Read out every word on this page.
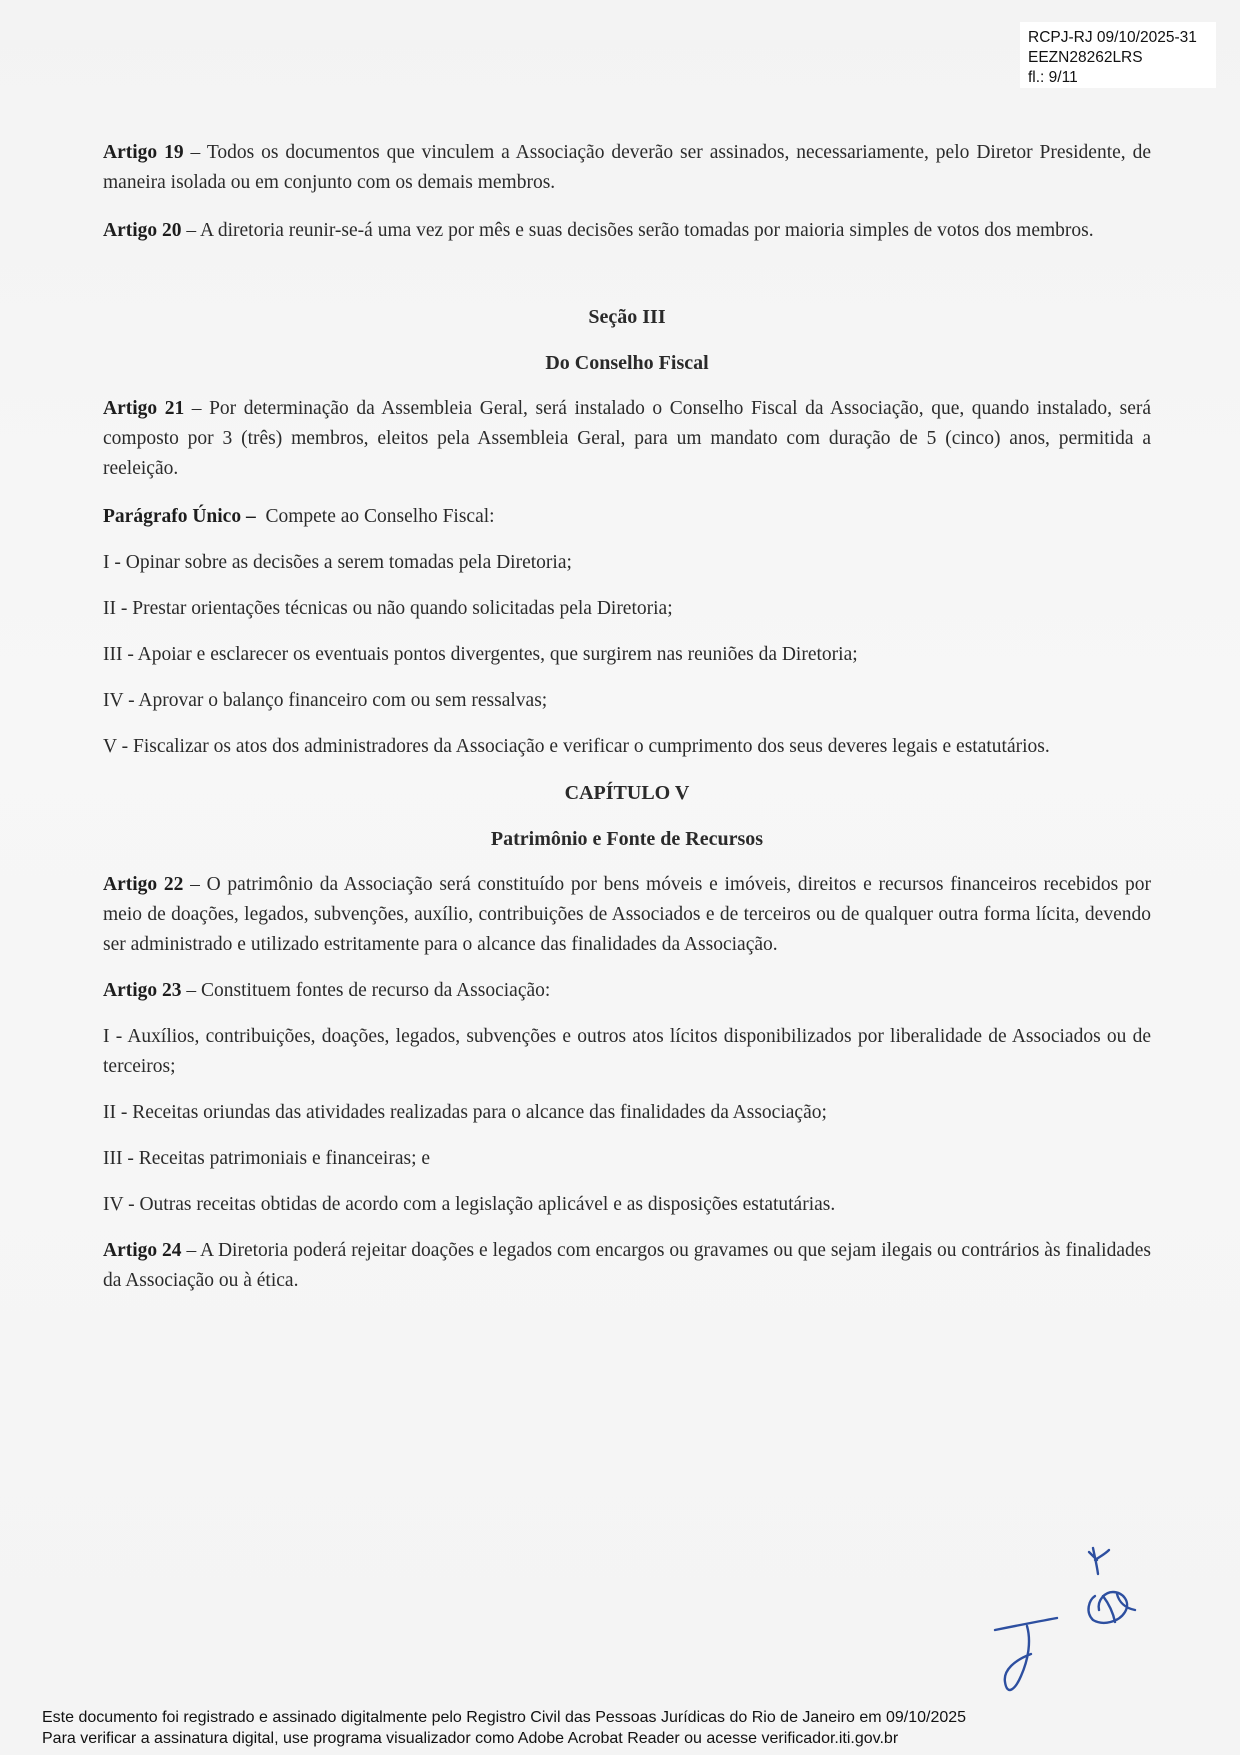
RCPJ-RJ 09/10/2025-31
EEZN28262LRS
fl.: 9/11

Artigo 19 – Todos os documentos que vinculem a Associação deverão ser assinados, necessariamente, pelo Diretor Presidente, de maneira isolada ou em conjunto com os demais membros.

Artigo 20 – A diretoria reunir-se-á uma vez por mês e suas decisões serão tomadas por maioria simples de votos dos membros.

Seção III
Do Conselho Fiscal

Artigo 21 – Por determinação da Assembleia Geral, será instalado o Conselho Fiscal da Associação, que, quando instalado, será composto por 3 (três) membros, eleitos pela Assembleia Geral, para um mandato com duração de 5 (cinco) anos, permitida a reeleição.

Parágrafo Único –  Compete ao Conselho Fiscal:

I - Opinar sobre as decisões a serem tomadas pela Diretoria;

II - Prestar orientações técnicas ou não quando solicitadas pela Diretoria;

III - Apoiar e esclarecer os eventuais pontos divergentes, que surgirem nas reuniões da Diretoria;

IV - Aprovar o balanço financeiro com ou sem ressalvas;

V - Fiscalizar os atos dos administradores da Associação e verificar o cumprimento dos seus deveres legais e estatutários.

CAPÍTULO V
Patrimônio e Fonte de Recursos

Artigo 22 – O patrimônio da Associação será constituído por bens móveis e imóveis, direitos e recursos financeiros recebidos por meio de doações, legados, subvenções, auxílio, contribuições de Associados e de terceiros ou de qualquer outra forma lícita, devendo ser administrado e utilizado estritamente para o alcance das finalidades da Associação.

Artigo 23 – Constituem fontes de recurso da Associação:

I - Auxílios, contribuições, doações, legados, subvenções e outros atos lícitos disponibilizados por liberalidade de Associados ou de terceiros;

II - Receitas oriundas das atividades realizadas para o alcance das finalidades da Associação;

III - Receitas patrimoniais e financeiras; e

IV - Outras receitas obtidas de acordo com a legislação aplicável e as disposições estatutárias.

Artigo 24 – A Diretoria poderá rejeitar doações e legados com encargos ou gravames ou que sejam ilegais ou contrários às finalidades da Associação ou à ética.

Este documento foi registrado e assinado digitalmente pelo Registro Civil das Pessoas Jurídicas do Rio de Janeiro em 09/10/2025
Para verificar a assinatura digital, use programa visualizador como Adobe Acrobat Reader ou acesse verificador.iti.gov.br
